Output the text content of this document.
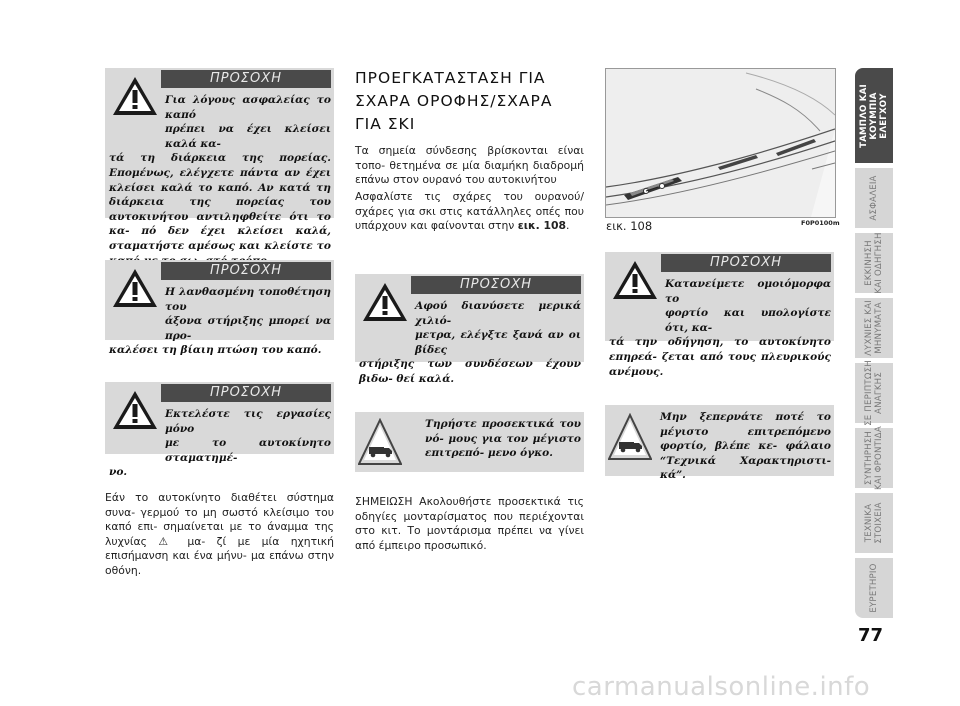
ΠΡΟΣΟΧΗ
Για λόγους ασφαλείας το καπό
πρέπει να έχει κλείσει καλά κα-
τά τη διάρκεια της πορείας. Επομένως, ελέγχετε πάντα αν έχει κλείσει καλά το καπό. Αν κατά τη διάρκεια της πορείας του αυτοκινήτου αντιληφθείτε ότι το κα- πό δεν έχει κλείσει καλά, σταματήστε αμέσως και κλείστε το
ΠΡΟΣΟΧΗ
Η λανθασμένη τοποθέτηση του
άξονα στήριξης μπορεί να προ-
καλέσει τη βίαιη πτώση του καπό.
ΠΡΟΣΟΧΗ
Εκτελέστε τις εργασίες μόνο
με το αυτοκίνητο σταματημέ-
νο.

Εάν το αυτοκίνητο διαθέτει σύστημα συνα- γερμού το μη σωστό κλείσιμο του καπό επι- σημαίνεται με το άναμμα της λυχνίας ⚠ μα- ζί με μία ηχητική επισήμανση και ένα μήνυ- μα επάνω στην οθόνη.

ΠΡΟΕΓΚΑΤΑΣΤΑΣΗ ΓΙΑ
ΣΧΑΡΑ ΟΡΟΦΗΣ/ΣΧΑΡΑ
ΓΙΑ ΣΚΙ

Τα σημεία σύνδεσης βρίσκονται είναι τοπο- θετημένα σε μία διαμήκη διαδρομή επάνω στον ουρανό του αυτοκινήτου

Ασφαλίστε τις σχάρες του ουρανού/σχάρες για σκι στις κατάλληλες οπές που υπάρχουν και φαίνονται στην εικ. 108.

ΠΡΟΣΟΧΗ
Αφού διανύσετε μερικά χιλιό-
μετρα, ελέγξτε ξανά αν οι βίδες
στήριξης των συνδέσεων έχουν βιδω- θεί καλά.
Τηρήστε προσεκτικά του νό- μους για τον μέγιστο επιτρεπό- μενο όγκο.

ΣΗΜΕΙΩΣΗ Ακολουθήστε προσεκτικά τις οδηγίες μονταρίσματος που περιέχονται στο κιτ. Το μοντάρισμα πρέπει να γίνει από έμπειρο προσωπικό.

εικ. 108	F0P0100m
ΠΡΟΣΟΧΗ
Κατανείμετε ομοιόμορφα το
φορτίο και υπολογίστε ότι, κα-
τά την οδήγηση, το αυτοκίνητο επηρεά- ζεται από τους πλευρικούς ανέμους.
Μην ξεπερνάτε ποτέ το μέγιστο επιτρεπόμενο φορτίο, βλέπε κε- φάλαιο “Τεχνικά Χαρακτηριστι- κά”.
ΤΑΜΠΛΟ ΚΑΙ
ΚΟΥΜΠΙΑ
ΕΛΕΓΧΟΥ
ΑΣΦΑΛΕΙΑ
ΕΚΚΙΝΗΣΗ
ΚΑΙ ΟΔΗΓΗΣΗ
ΛΥΧΝΙΕΣ ΚΑΙ
ΜΗΝΥΜΑΤΑ
ΣΕ ΠΕΡΙΠΤΩΣΗ
ΑΝΑΓΚΗΣ
ΣΥΝΤΗΡΗΣΗ
ΚΑΙ ΦΡΟΝΤΙΔΑ
ΤΕΧΝΙΚΑ
ΣΤΟΙΧΕΙΑ
ΕΥΡΕΤΗΡΙΟ
77
carmanualsonline.info
